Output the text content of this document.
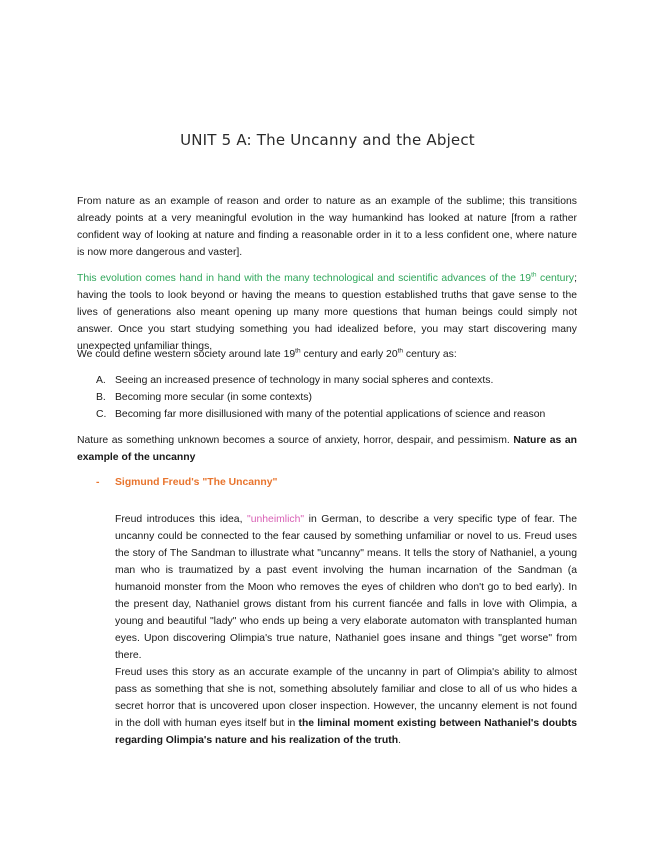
UNIT 5 A: The Uncanny and the Abject

From nature as an example of reason and order to nature as an example of the sublime; this transitions already points at a very meaningful evolution in the way humankind has looked at nature [from a rather confident way of looking at nature and finding a reasonable order in it to a less confident one, where nature is now more dangerous and vaster].

This evolution comes hand in hand with the many technological and scientific advances of the 19th century; having the tools to look beyond or having the means to question established truths that gave sense to the lives of generations also meant opening up many more questions that human beings could simply not answer. Once you start studying something you had idealized before, you may start discovering many unexpected unfamiliar things.

We could define western society around late 19th century and early 20th century as:

A. Seeing an increased presence of technology in many social spheres and contexts.
B. Becoming more secular (in some contexts)
C. Becoming far more disillusioned with many of the potential applications of science and reason

Nature as something unknown becomes a source of anxiety, horror, despair, and pessimism. Nature as an example of the uncanny

-	Sigmund Freud's "The Uncanny"

Freud introduces this idea, "unheimlich" in German, to describe a very specific type of fear. The uncanny could be connected to the fear caused by something unfamiliar or novel to us. Freud uses the story of The Sandman to illustrate what "uncanny" means. It tells the story of Nathaniel, a young man who is traumatized by a past event involving the human incarnation of the Sandman (a humanoid monster from the Moon who removes the eyes of children who don't go to bed early). In the present day, Nathaniel grows distant from his current fiancée and falls in love with Olimpia, a young and beautiful "lady" who ends up being a very elaborate automaton with transplanted human eyes. Upon discovering Olimpia's true nature, Nathaniel goes insane and things "get worse" from there.

Freud uses this story as an accurate example of the uncanny in part of Olimpia's ability to almost pass as something that she is not, something absolutely familiar and close to all of us who hides a secret horror that is uncovered upon closer inspection. However, the uncanny element is not found in the doll with human eyes itself but in the liminal moment existing between Nathaniel's doubts regarding Olimpia's nature and his realization of the truth.
